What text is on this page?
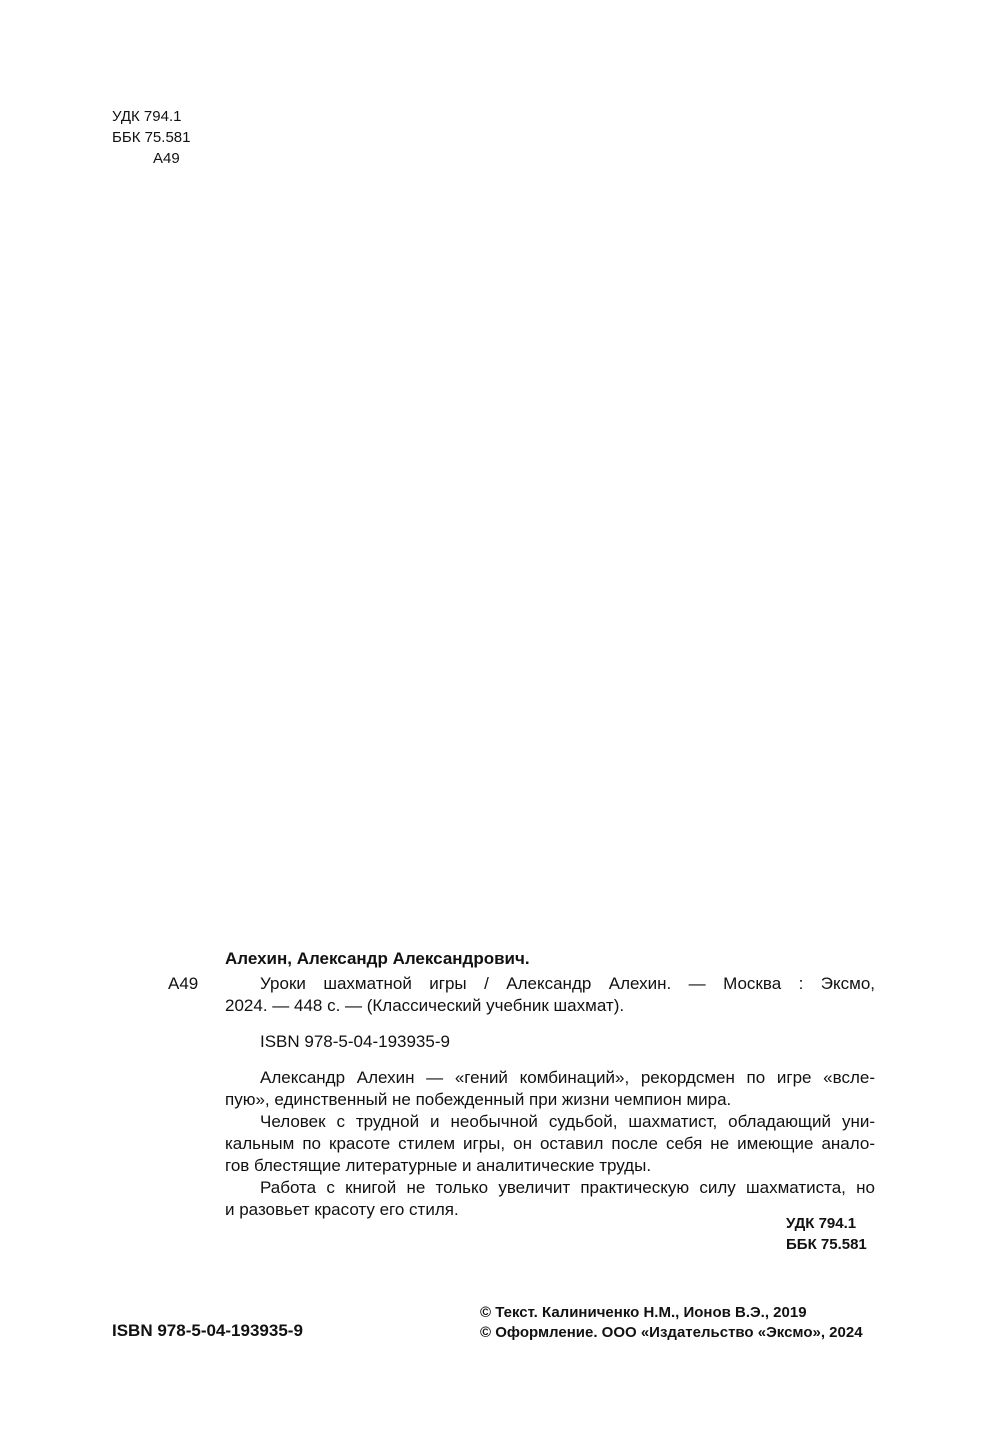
УДК 794.1
ББК 75.581
А49
Алехин, Александр Александрович.
А49	Уроки шахматной игры / Александр Алехин. — Москва : Эксмо,
2024. — 448 с. — (Классический учебник шахмат).
ISBN 978-5-04-193935-9
Александр Алехин — «гений комбинаций», рекордсмен по игре «всле-
пую», единственный не побежденный при жизни чемпион мира.
Человек с трудной и необычной судьбой, шахматист, обладающий уни-
кальным по красоте стилем игры, он оставил после себя не имеющие анало-
гов блестящие литературные и аналитические труды.
Работа с книгой не только увеличит практическую силу шахматиста, но
и разовьет красоту его стиля.
УДК 794.1
ББК 75.581
ISBN 978-5-04-193935-9
© Текст. Калиниченко Н.М., Ионов В.Э., 2019
© Оформление. ООО «Издательство «Эксмо», 2024
